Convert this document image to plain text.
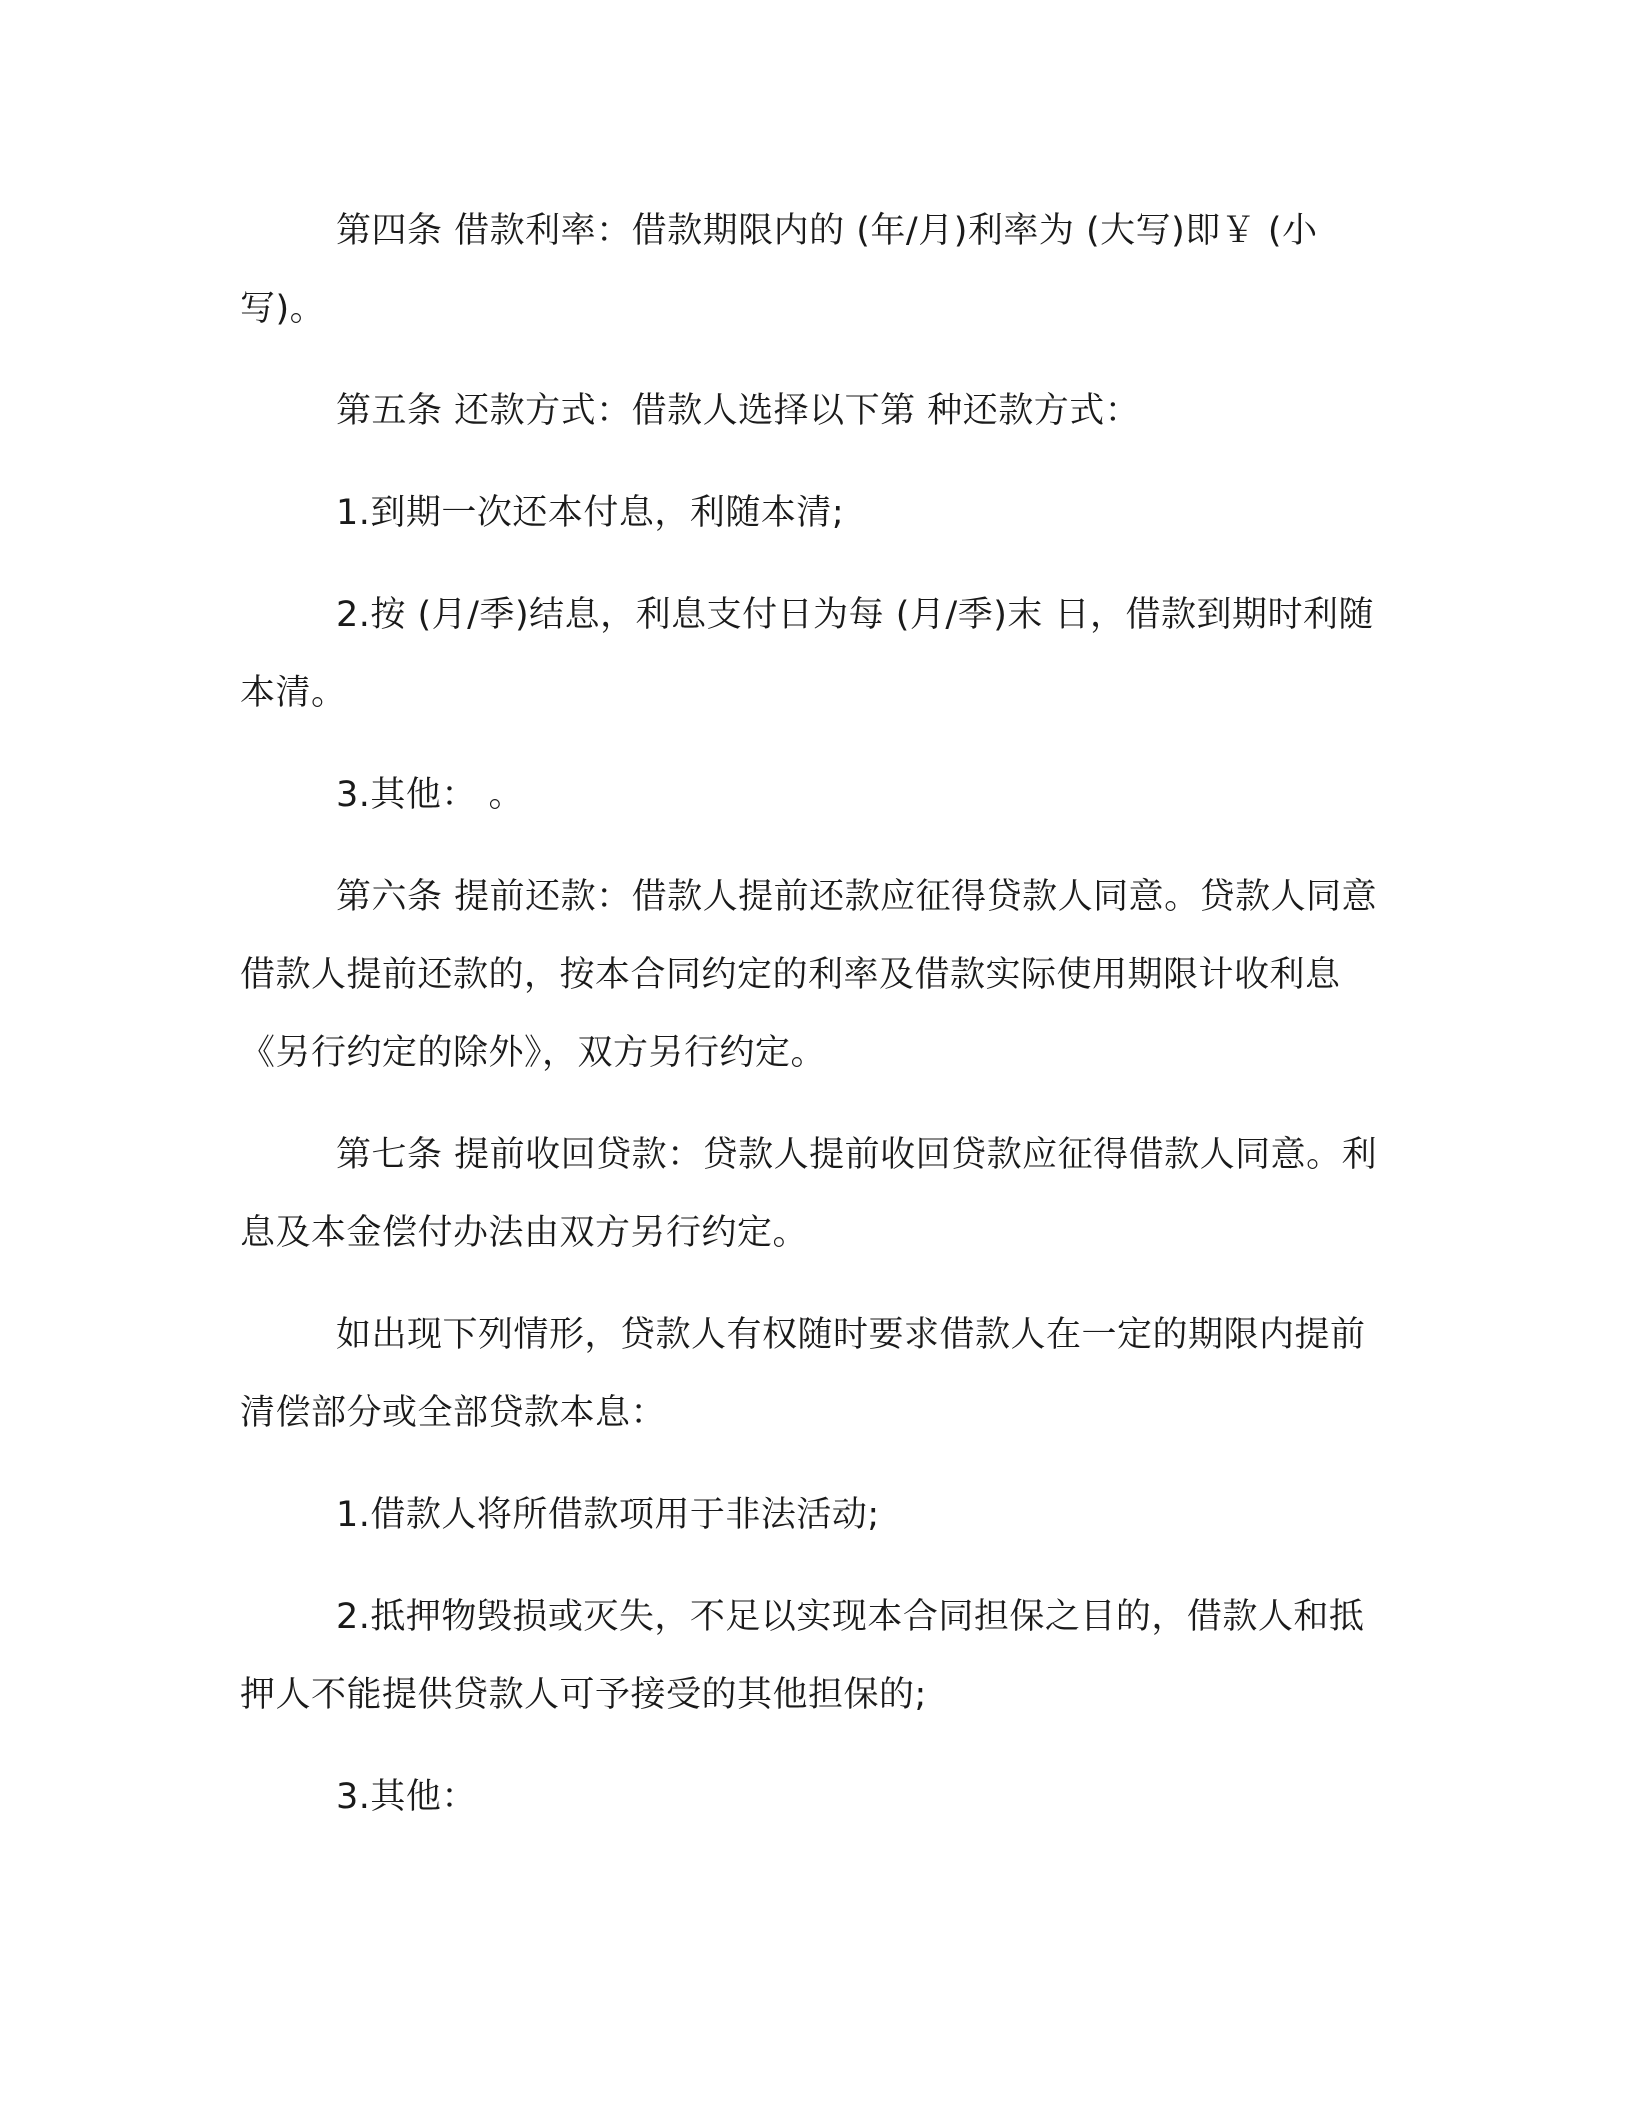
第四条 借款利率：借款期限内的 (年/月)利率为 (大写)即￥ (小写)。

第五条 还款方式：借款人选择以下第 种还款方式：

1.到期一次还本付息，利随本清;

2.按 (月/季)结息，利息支付日为每 (月/季)末 日，借款到期时利随本清。

3.其他： 。

第六条 提前还款：借款人提前还款应征得贷款人同意。贷款人同意借款人提前还款的，按本合同约定的利率及借款实际使用期限计收利息《另行约定的除外》，双方另行约定。

第七条 提前收回贷款：贷款人提前收回贷款应征得借款人同意。利息及本金偿付办法由双方另行约定。

如出现下列情形，贷款人有权随时要求借款人在一定的期限内提前清偿部分或全部贷款本息：

1.借款人将所借款项用于非法活动;

2.抵押物毁损或灭失，不足以实现本合同担保之目的，借款人和抵押人不能提供贷款人可予接受的其他担保的;

3.其他：
